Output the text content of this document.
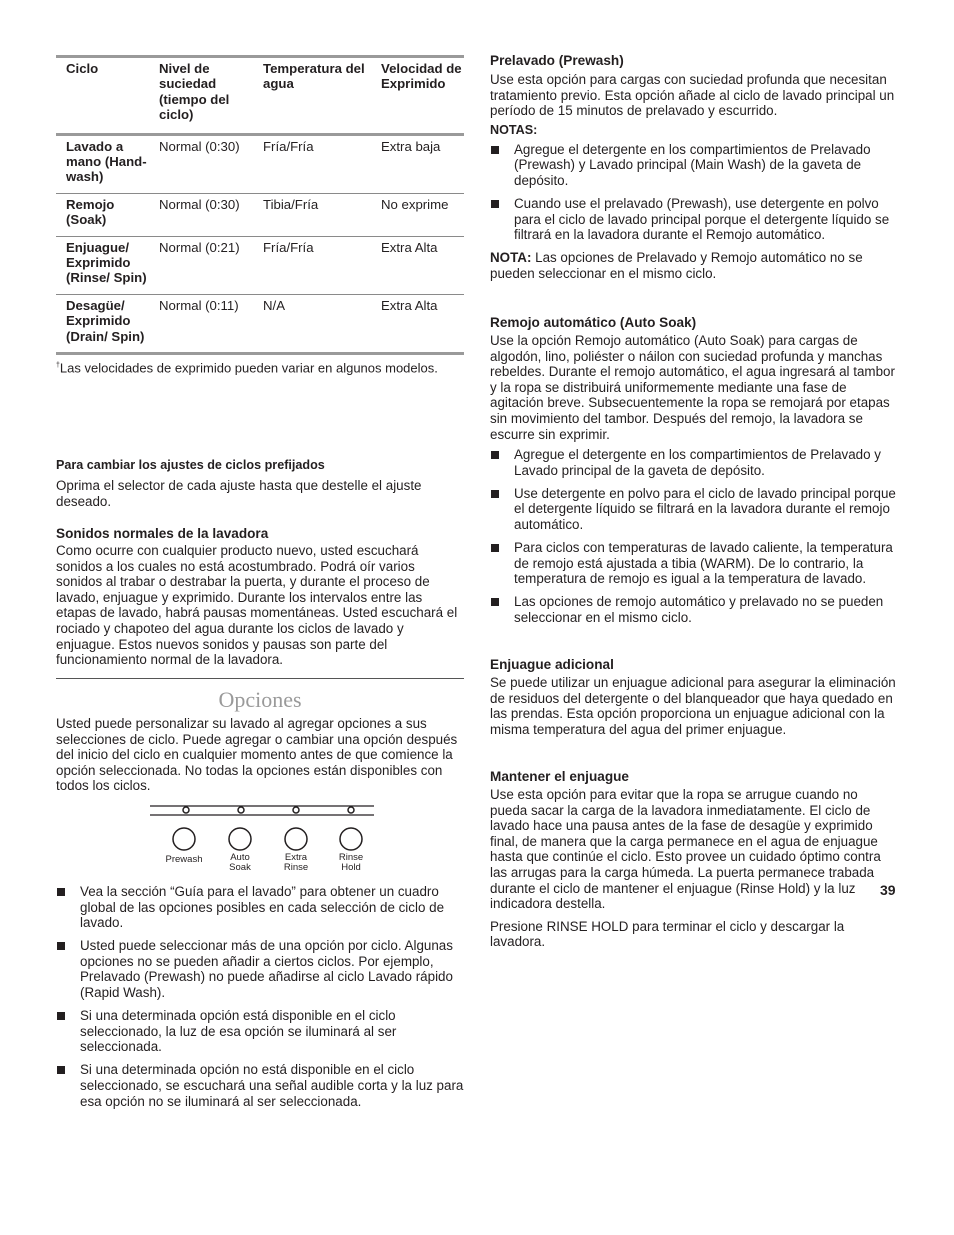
Ciclo	Nivel de suciedad (tiempo del ciclo)	Temperatura del agua	Velocidad de Exprimido
Lavado a mano (Hand-wash)	Normal (0:30)	Fría/Fría	Extra baja
Remojo (Soak)	Normal (0:30)	Tibia/Fría	No exprime
Enjuague/ Exprimido (Rinse/ Spin)	Normal (0:21)	Fría/Fría	Extra Alta
Desagüe/ Exprimido (Drain/ Spin)	Normal (0:11)	N/A	Extra Alta

†Las velocidades de exprimido pueden variar en algunos modelos.

Para cambiar los ajustes de ciclos prefijados

Oprima el selector de cada ajuste hasta que destelle el ajuste deseado.

Sonidos normales de la lavadora

Como ocurre con cualquier producto nuevo, usted escuchará sonidos a los cuales no está acostumbrado. Podrá oír varios sonidos al trabar o destrabar la puerta, y durante el proceso de lavado, enjuague y exprimido. Durante los intervalos entre las etapas de lavado, habrá pausas momentáneas. Usted escuchará el rociado y chapoteo del agua durante los ciclos de lavado y enjuague. Estos nuevos sonidos y pausas son parte del funcionamiento normal de la lavadora.

Opciones

Usted puede personalizar su lavado al agregar opciones a sus selecciones de ciclo. Puede agregar o cambiar una opción después del inicio del ciclo en cualquier momento antes de que comience la opción seleccionada. No todas la opciones están disponibles con todos los ciclos.

Prewash	Auto Soak
Extra Rinse
Rinse Hold
Vea la sección “Guía para el lavado” para obtener un cuadro global de las opciones posibles en cada selección de ciclo de lavado.
Usted puede seleccionar más de una opción por ciclo. Algunas opciones no se pueden añadir a ciertos ciclos. Por ejemplo, Prelavado (Prewash) no puede añadirse al ciclo Lavado rápido (Rapid Wash).
Si una determinada opción está disponible en el ciclo seleccionado, la luz de esa opción se iluminará al ser seleccionada.
Si una determinada opción no está disponible en el ciclo seleccionado, se escuchará una señal audible corta y la luz para esa opción no se iluminará al ser seleccionada.
Prelavado (Prewash)

Use esta opción para cargas con suciedad profunda que necesitan tratamiento previo. Esta opción añade al ciclo de lavado principal un período de 15 minutos de prelavado y escurrido.

NOTAS:
Agregue el detergente en los compartimientos de Prelavado (Prewash) y Lavado principal (Main Wash) de la gaveta de depósito.
Cuando use el prelavado (Prewash), use detergente en polvo para el ciclo de lavado principal porque el detergente líquido se filtrará en la lavadora durante el Remojo automático.

NOTA: Las opciones de Prelavado y Remojo automático no se pueden seleccionar en el mismo ciclo.

Remojo automático (Auto Soak)

Use la opción Remojo automático (Auto Soak) para cargas de algodón, lino, poliéster o náilon con suciedad profunda y manchas rebeldes. Durante el remojo automático, el agua ingresará al tambor y la ropa se distribuirá uniformemente mediante una fase de agitación breve. Subsecuentemente la ropa se remojará por etapas sin movimiento del tambor. Después del remojo, la lavadora se escurre sin exprimir.

Agregue el detergente en los compartimientos de Prelavado y Lavado principal de la gaveta de depósito.
Use detergente en polvo para el ciclo de lavado principal porque el detergente líquido se filtrará en la lavadora durante el remojo automático.
Para ciclos con temperaturas de lavado caliente, la temperatura de remojo está ajustada a tibia (WARM). De lo contrario, la temperatura de remojo es igual a la temperatura de lavado.
Las opciones de remojo automático y prelavado no se pueden seleccionar en el mismo ciclo.
Enjuague adicional

Se puede utilizar un enjuague adicional para asegurar la eliminación de residuos del detergente o del blanqueador que haya quedado en las prendas. Esta opción proporciona un enjuague adicional con la misma temperatura del agua del primer enjuague.

Mantener el enjuague

Use esta opción para evitar que la ropa se arrugue cuando no pueda sacar la carga de la lavadora inmediatamente. El ciclo de lavado hace una pausa antes de la fase de desagüe y exprimido final, de manera que la carga permanece en el agua de enjuague hasta que continúe el ciclo. Esto provee un cuidado óptimo contra las arrugas para la carga húmeda. La puerta permanece trabada durante el ciclo de mantener el enjuague (Rinse Hold) y la luz indicadora destella.

Presione RINSE HOLD para terminar el ciclo y descargar la lavadora.

39
